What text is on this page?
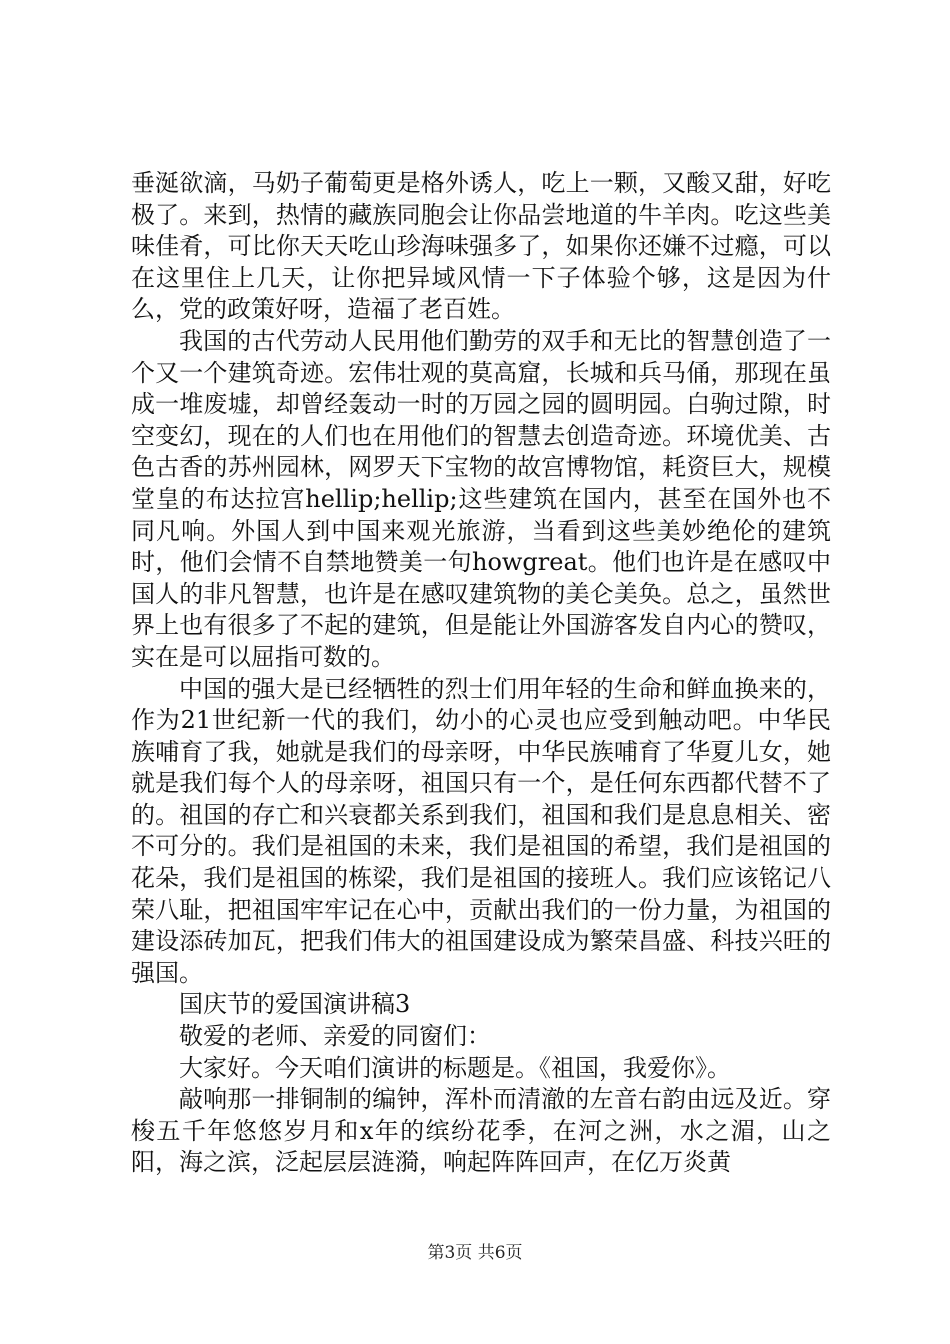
垂涎欲滴，马奶子葡萄更是格外诱人，吃上一颗，又酸又甜，好吃极了。来到，热情的藏族同胞会让你品尝地道的牛羊肉。吃这些美味佳肴，可比你天天吃山珍海味强多了，如果你还嫌不过瘾，可以在这里住上几天，让你把异域风情一下子体验个够，这是因为什么，党的政策好呀，造福了老百姓。

我国的古代劳动人民用他们勤劳的双手和无比的智慧创造了一个又一个建筑奇迹。宏伟壮观的莫高窟，长城和兵马俑，那现在虽成一堆废墟，却曾经轰动一时的万园之园的圆明园。白驹过隙，时空变幻，现在的人们也在用他们的智慧去创造奇迹。环境优美、古色古香的苏州园林，网罗天下宝物的故宫博物馆，耗资巨大，规模堂皇的布达拉宫hellip;hellip;这些建筑在国内，甚至在国外也不同凡响。外国人到中国来观光旅游，当看到这些美妙绝伦的建筑时，他们会情不自禁地赞美一句howgreat。他们也许是在感叹中国人的非凡智慧，也许是在感叹建筑物的美仑美奂。总之，虽然世界上也有很多了不起的建筑，但是能让外国游客发自内心的赞叹，实在是可以屈指可数的。

中国的强大是已经牺牲的烈士们用年轻的生命和鲜血换来的，作为21世纪新一代的我们，幼小的心灵也应受到触动吧。中华民族哺育了我，她就是我们的母亲呀，中华民族哺育了华夏儿女，她就是我们每个人的母亲呀，祖国只有一个，是任何东西都代替不了的。祖国的存亡和兴衰都关系到我们，祖国和我们是息息相关、密不可分的。我们是祖国的未来，我们是祖国的希望，我们是祖国的花朵，我们是祖国的栋梁，我们是祖国的接班人。我们应该铭记八荣八耻，把祖国牢牢记在心中，贡献出我们的一份力量，为祖国的建设添砖加瓦，把我们伟大的祖国建设成为繁荣昌盛、科技兴旺的强国。

国庆节的爱国演讲稿3

敬爱的老师、亲爱的同窗们：

大家好。今天咱们演讲的标题是。《祖国，我爱你》。

敲响那一排铜制的编钟，浑朴而清澈的左音右韵由远及近。穿梭五千年悠悠岁月和x年的缤纷花季，在河之洲，水之湄，山之阳，海之滨，泛起层层涟漪，响起阵阵回声，在亿万炎黄

第3页 共6页
